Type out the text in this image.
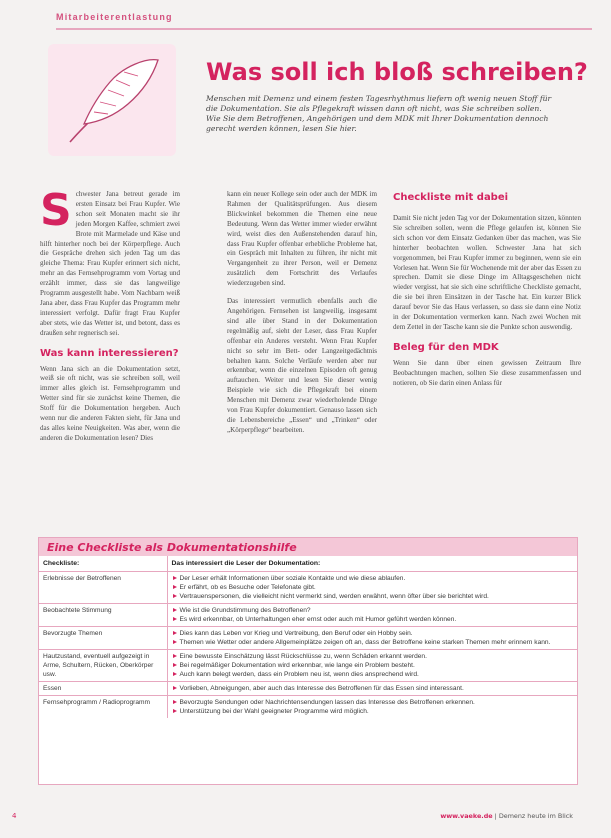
Mitarbeiterentlastung
Was soll ich bloß schreiben?
Menschen mit Demenz und einem festen Tagesrhythmus liefern oft wenig neuen Stoff für die Dokumentation. Sie als Pflegekraft wissen dann oft nicht, was Sie schreiben sollen. Wie Sie dem Betroffenen, Angehörigen und dem MDK mit Ihrer Dokumentation dennoch gerecht werden können, lesen Sie hier.
S chwester Jana betreut gerade im ersten Einsatz bei Frau Kupfer. Wie schon seit Monaten macht sie ihr jeden Morgen Kaffee, schmiert zwei Brote mit Marmelade und Käse und hilft hinterher noch bei der Körperpflege. Auch die Gespräche drehen sich jeden Tag um das gleiche Thema: Frau Kupfer erinnert sich nicht, mehr an das Fernsehprogramm vom Vortag und erzählt immer, dass sie das langweilige Programm ausgestellt habe. Vom Nachbarn weiß Jana aber, dass Frau Kupfer das Programm mehr interessiert verfolgt. Dafür fragt Frau Kupfer aber stets, wie das Wetter ist, und betont, dass es draußen sehr regnerisch sei.

Was kann interessieren?

Wenn Jana sich an die Dokumentation setzt, weiß sie oft nicht, was sie schreiben soll, weil immer alles gleich ist. Fernsehprogramm und Wetter sind für sie zunächst keine Themen, die Stoff für die Dokumentation hergeben. Auch wenn nur die anderen Fakten sieht, für Jana und das alles keine Neuigkeiten. Was aber, wenn die anderen die Dokumentation lesen? Dies

kann ein neuer Kollege sein oder auch der MDK im Rahmen der Qualitätsprüfungen. Aus diesem Blickwinkel bekommen die Themen eine neue Bedeutung. Wenn das Wetter immer wieder erwähnt wird, weist dies den Außenstehenden darauf hin, dass Frau Kupfer offenbar erhebliche Probleme hat, ein Gespräch mit Inhalten zu führen, ihr nicht mit Vergangenheit zu ihrer Person, weil er Demenz zusätzlich dem Fortschritt des Verlaufes wiederzugeben sind.

Das interessiert vermutlich ebenfalls auch die Angehörigen. Fernsehen ist langweilig, insgesamt sind alle über Stand in der Dokumentation regelmäßig auf, sieht der Leser, dass Frau Kupfer offenbar ein Anderes versteht. Wenn Frau Kupfer nicht so sehr im Bett- oder Langzeitgedächtnis behalten kann. Solche Verläufe werden aber nur erkennbar, wenn die einzelnen Episoden oft genug auftauchen. Weiter und lesen Sie dieser wenig Beispiele wie sich die Pflegekraft bei einem Menschen mit Demenz zwar wiederholende Dinge von Frau Kupfer dokumentiert. Genauso lassen sich die Lebensbereiche „Essen“ und „Trinken“ oder „Körperpflege“ bearbeiten.

Checkliste mit dabei

Damit Sie nicht jeden Tag vor der Dokumentation sitzen, könnten Sie schreiben sollen, wenn die Pflege gelaufen ist, können Sie sich schon vor dem Einsatz Gedanken über das machen, was Sie hinterher beobachten wollen. Schwester Jana hat sich vorgenommen, bei Frau Kupfer immer zu beginnen, wenn sie ein Vorlesen hat. Wenn Sie für Wochenende mit der aber das Essen zu sprechen. Damit sie diese Dinge im Alltagsgeschehen nicht wieder vergisst, hat sie sich eine schriftliche Checkliste gemacht, die sie bei ihren Einsätzen in der Tasche hat. Ein kurzer Blick darauf bevor Sie das Haus verlassen, so dass sie dann eine Notiz in der Dokumentation vermerken kann. Nach zwei Wochen mit dem Zettel in der Tasche kann sie die Punkte schon auswendig.

Beleg für den MDK

Wenn Sie dann über einen gewissen Zeitraum Ihre Beobachtungen machen, sollten Sie diese zusammenfassen und notieren, ob Sie darin einen Anlass für

Eine Checkliste als Dokumentationshilfe
Checkliste:	Das interessiert die Leser der Dokumentation:
Erlebnisse der Betroffenen	Der Leser erhält Informationen über soziale Kontakte und wie diese ablaufen.
Er erfährt, ob es Besuche oder Telefonate gibt.
Vertrauenspersonen, die vielleicht nicht vermerkt sind, werden erwähnt, wenn öfter über sie berichtet wird.

Beobachtete Stimmung	Wie ist die Grundstimmung des Betroffenen?
Es wird erkennbar, ob Unterhaltungen eher ernst oder auch mit Humor geführt werden können.

Bevorzugte Themen	Dies kann das Leben vor Krieg und Vertreibung, den Beruf oder ein Hobby sein.
Themen wie Wetter oder andere Allgemeinplätze zeigen oft an, dass der Betroffene keine starken Themen mehr erinnern kann.

Hautzustand, eventuell aufgezeigt in Arme, Schultern, Rücken, Oberkörper usw.	Eine bewusste Einschätzung lässt Rückschlüsse zu, wenn Schäden erkannt werden.
Bei regelmäßiger Dokumentation wird erkennbar, wie lange ein Problem besteht.
Auch kann belegt werden, dass ein Problem neu ist, wenn dies ansprechend wird.

Essen	Vorlieben, Abneigungen, aber auch das Interesse des Betroffenen für das Essen sind interessant.

Fernsehprogramm / Radioprogramm	Bevorzugte Sendungen oder Nachrichtensendungen lassen das Interesse des Betroffenen erkennen.
Unterstützung bei der Wahl geeigneter Programme wird möglich.
4	www.vaeke.de | Demenz heute im Blick
